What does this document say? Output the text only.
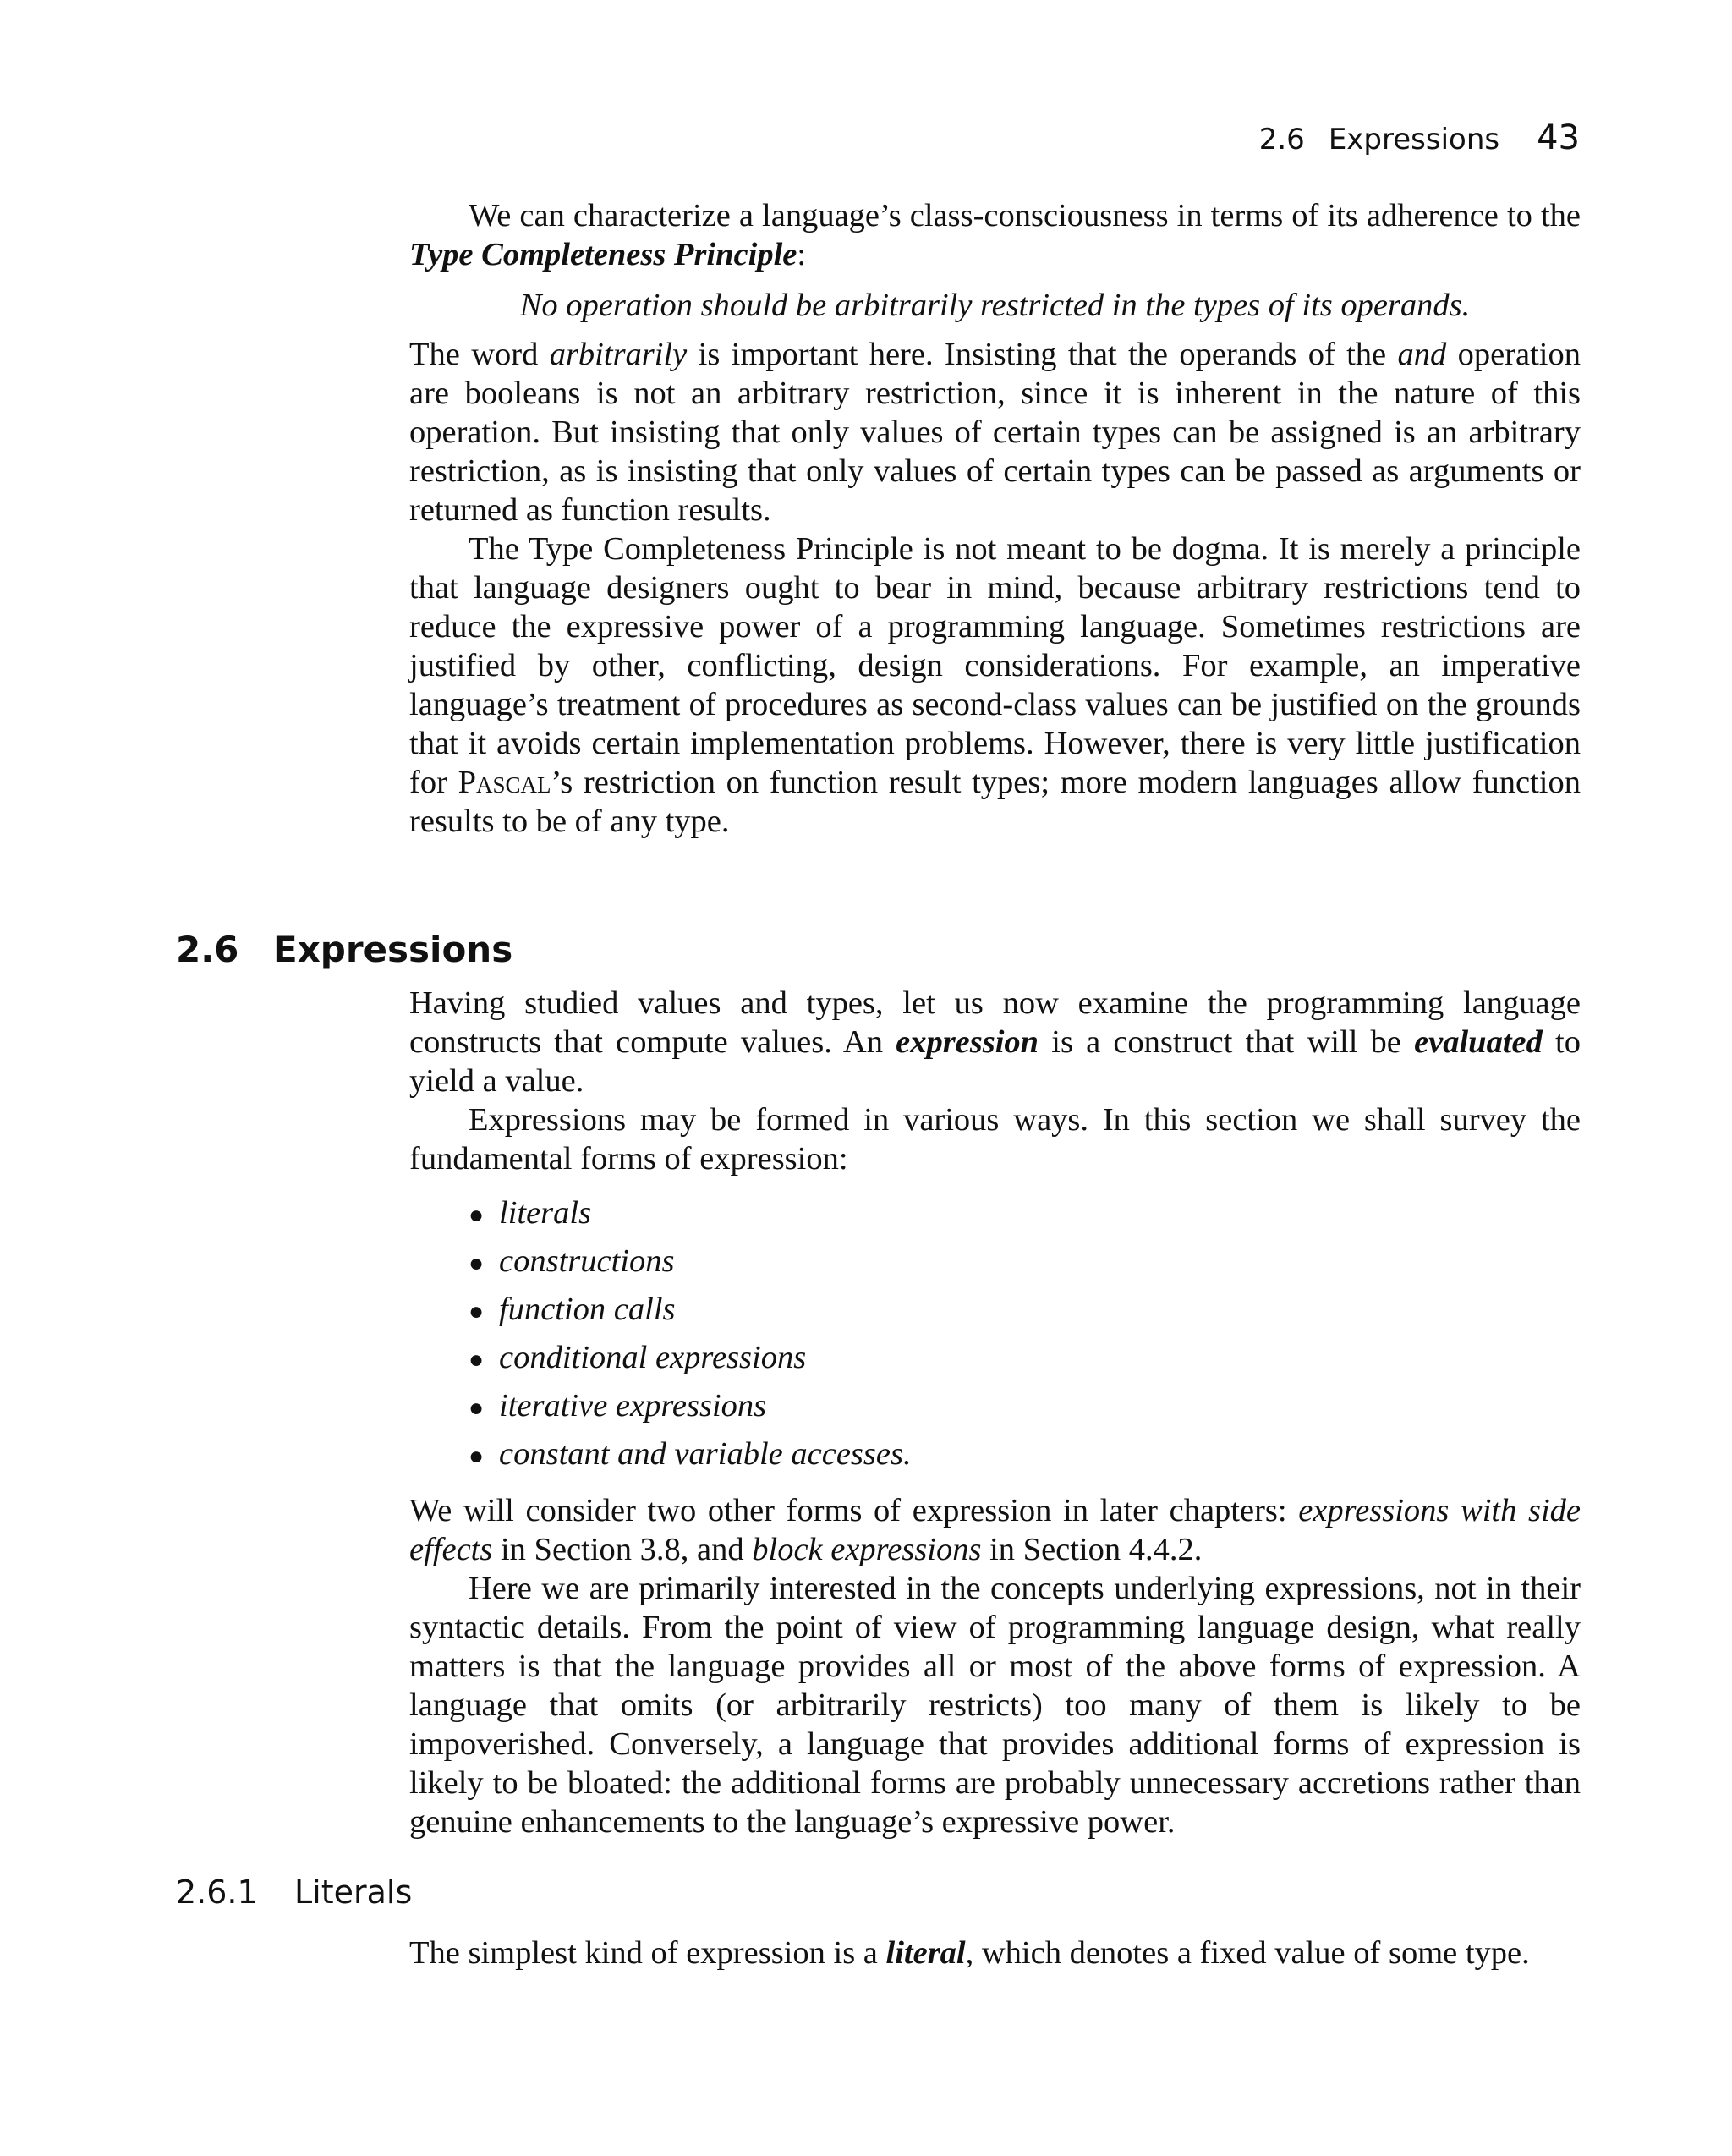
2.6 Expressions 43

We can characterize a language’s class-consciousness in terms of its adherence to the Type Completeness Principle:

No operation should be arbitrarily restricted in the types of its operands.

The word arbitrarily is important here. Insisting that the operands of the and operation are booleans is not an arbitrary restriction, since it is inherent in the nature of this operation. But insisting that only values of certain types can be assigned is an arbitrary restriction, as is insisting that only values of certain types can be passed as arguments or returned as function results.

The Type Completeness Principle is not meant to be dogma. It is merely a principle that language designers ought to bear in mind, because arbitrary restrictions tend to reduce the expressive power of a programming language. Sometimes restrictions are justified by other, conflicting, design considerations. For example, an imperative language’s treatment of procedures as second-class values can be justified on the grounds that it avoids certain implementation problems. However, there is very little justification for Pascal’s restriction on function result types; more modern languages allow function results to be of any type.

2.6 Expressions

Having studied values and types, let us now examine the programming language constructs that compute values. An expression is a construct that will be evaluated to yield a value.

Expressions may be formed in various ways. In this section we shall survey the fundamental forms of expression:

● literals
● constructions
● function calls
● conditional expressions
● iterative expressions
● constant and variable accesses.

We will consider two other forms of expression in later chapters: expressions with side effects in Section 3.8, and block expressions in Section 4.4.2.

Here we are primarily interested in the concepts underlying expressions, not in their syntactic details. From the point of view of programming language design, what really matters is that the language provides all or most of the above forms of expression. A language that omits (or arbitrarily restricts) too many of them is likely to be impoverished. Conversely, a language that provides additional forms of expression is likely to be bloated: the additional forms are probably unnecessary accretions rather than genuine enhancements to the language’s expressive power.

2.6.1 Literals

The simplest kind of expression is a literal, which denotes a fixed value of some type.
